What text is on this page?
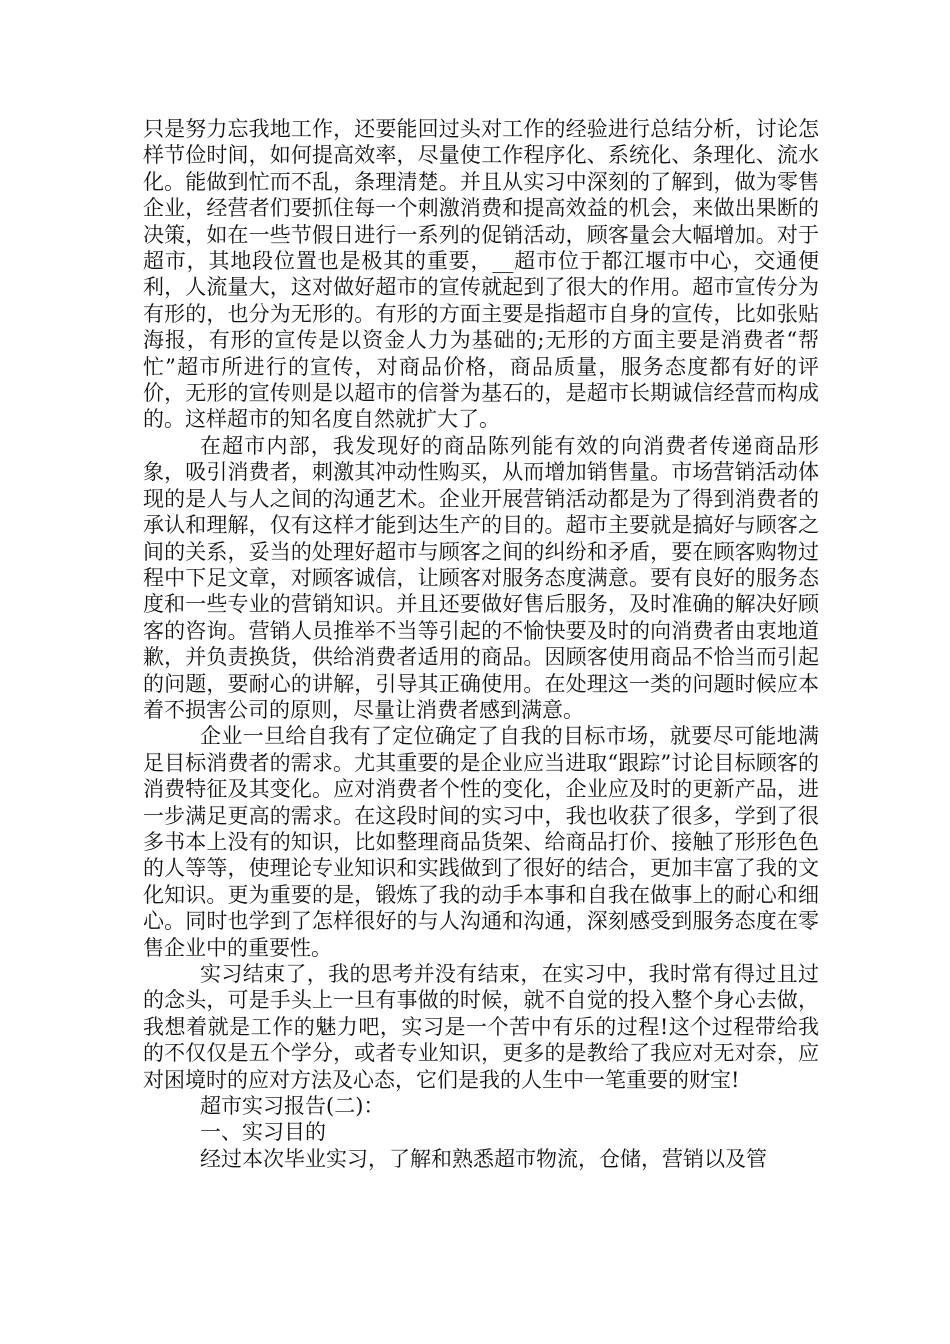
只是努力忘我地工作，还要能回过头对工作的经验进行总结分析，讨论怎样节俭时间，如何提高效率，尽量使工作程序化、系统化、条理化、流水化。能做到忙而不乱，条理清楚。并且从实习中深刻的了解到，做为零售企业，经营者们要抓住每一个刺激消费和提高效益的机会，来做出果断的决策，如在一些节假日进行一系列的促销活动，顾客量会大幅增加。对于超市，其地段位置也是极其的重要，__超市位于都江堰市中心，交通便利，人流量大，这对做好超市的宣传就起到了很大的作用。超市宣传分为有形的，也分为无形的。有形的方面主要是指超市自身的宣传，比如张贴海报，有形的宣传是以资金人力为基础的;无形的方面主要是消费者“帮忙”超市所进行的宣传，对商品价格，商品质量，服务态度都有好的评价，无形的宣传则是以超市的信誉为基石的，是超市长期诚信经营而构成的。这样超市的知名度自然就扩大了。

在超市内部，我发现好的商品陈列能有效的向消费者传递商品形象，吸引消费者，刺激其冲动性购买，从而增加销售量。市场营销活动体现的是人与人之间的沟通艺术。企业开展营销活动都是为了得到消费者的承认和理解，仅有这样才能到达生产的目的。超市主要就是搞好与顾客之间的关系，妥当的处理好超市与顾客之间的纠纷和矛盾，要在顾客购物过程中下足文章，对顾客诚信，让顾客对服务态度满意。要有良好的服务态度和一些专业的营销知识。并且还要做好售后服务，及时准确的解决好顾客的咨询。营销人员推举不当等引起的不愉快要及时的向消费者由衷地道歉，并负责换货，供给消费者适用的商品。因顾客使用商品不恰当而引起的问题，要耐心的讲解，引导其正确使用。在处理这一类的问题时候应本着不损害公司的原则，尽量让消费者感到满意。

企业一旦给自我有了定位确定了自我的目标市场，就要尽可能地满足目标消费者的需求。尤其重要的是企业应当进取“跟踪”讨论目标顾客的消费特征及其变化。应对消费者个性的变化，企业应及时的更新产品，进一步满足更高的需求。在这段时间的实习中，我也收获了很多，学到了很多书本上没有的知识，比如整理商品货架、给商品打价、接触了形形色色的人等等，使理论专业知识和实践做到了很好的结合，更加丰富了我的文化知识。更为重要的是，锻炼了我的动手本事和自我在做事上的耐心和细心。同时也学到了怎样很好的与人沟通和沟通，深刻感受到服务态度在零售企业中的重要性。

实习结束了，我的思考并没有结束，在实习中，我时常有得过且过的念头，可是手头上一旦有事做的时候，就不自觉的投入整个身心去做，我想着就是工作的魅力吧，实习是一个苦中有乐的过程!这个过程带给我的不仅仅是五个学分，或者专业知识，更多的是教给了我应对无对奈，应对困境时的应对方法及心态，它们是我的人生中一笔重要的财宝!

超市实习报告(二)：

一、实习目的

经过本次毕业实习，了解和熟悉超市物流，仓储，营销以及管
